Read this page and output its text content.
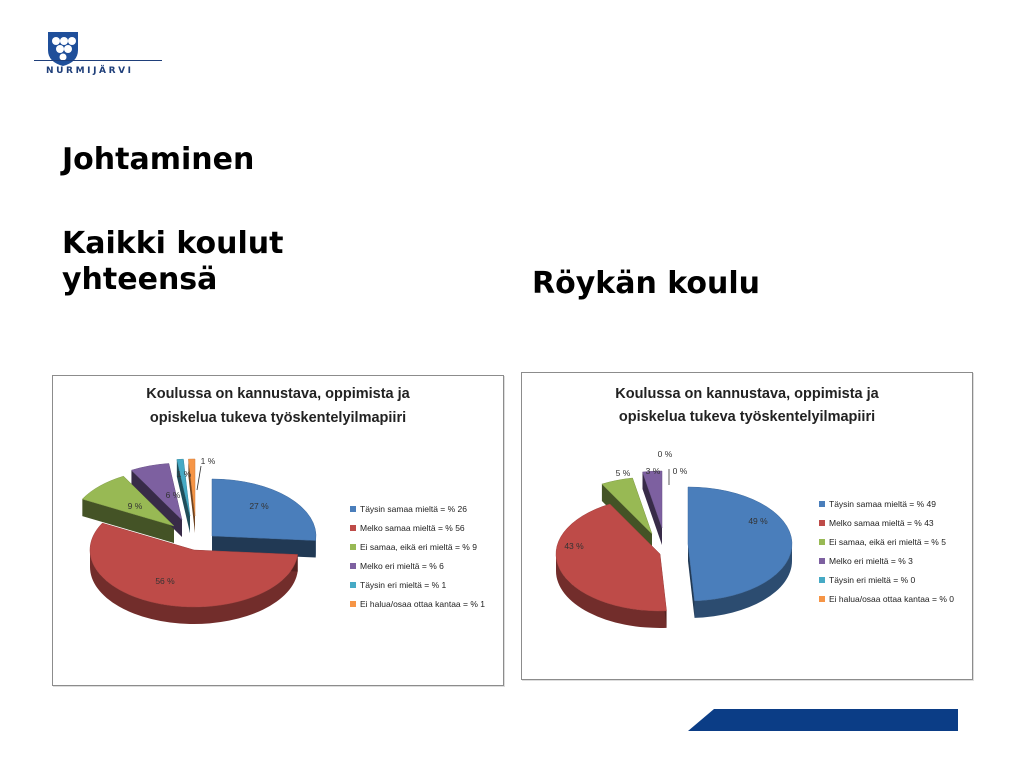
NURMIJÄRVI
Johtaminen
Kaikki koulut
yhteensä	Röykän koulu
Koulussa on kannustava, oppimista ja
opiskelua tukeva työskentelyilmapiiri
27 %
56 %
9 %
6 %
1 %
1 %
Täysin samaa mieltä = % 26
Melko samaa mieltä = % 56
Ei samaa, eikä eri mieltä = % 9
Melko eri mieltä = % 6
Täysin eri mieltä = % 1
Ei halua/osaa ottaa kantaa = % 1
Koulussa on kannustava, oppimista ja
opiskelua tukeva työskentelyilmapiiri
49 %
43 %
5 % 3 %
0 %
0 %
Täysin samaa mieltä = % 49
Melko samaa mieltä = % 43
Ei samaa, eikä eri mieltä = % 5
Melko eri mieltä = % 3
Täysin eri mieltä = % 0
Ei halua/osaa ottaa kantaa = % 0
